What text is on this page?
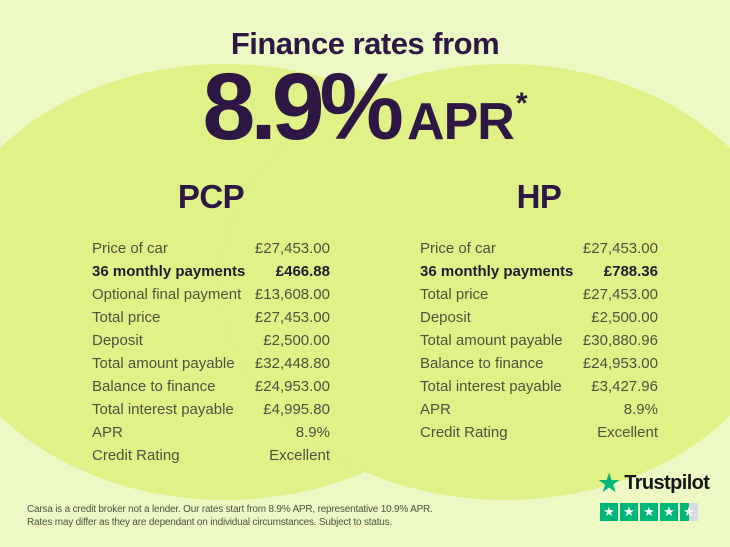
Finance rates from
8.9% APR *
PCP
Price of car	£27,453.00
36 monthly payments £466.88
Optional final payment £13,608.00
Total price	£27,453.00
Deposit	£2,500.00
Total amount payable £32,448.80
Balance to finance	£24,953.00
Total interest payable £4,995.80
APR	8.9%
Credit Rating	Excellent
HP
Price of car	£27,453.00
36 monthly payments £788.36
Total price	£27,453.00
Deposit	£2,500.00
Total amount payable £30,880.96
Balance to finance	£24,953.00
Total interest payable £3,427.96
APR	8.9%
Credit Rating	Excellent
Carsa is a credit broker not a lender. Our rates start from 8.9% APR, representative 10.9% APR.
Rates may differ as they are dependant on individual circumstances. Subject to status.
★ Trustpilot
★ ★ ★ ★ ★
